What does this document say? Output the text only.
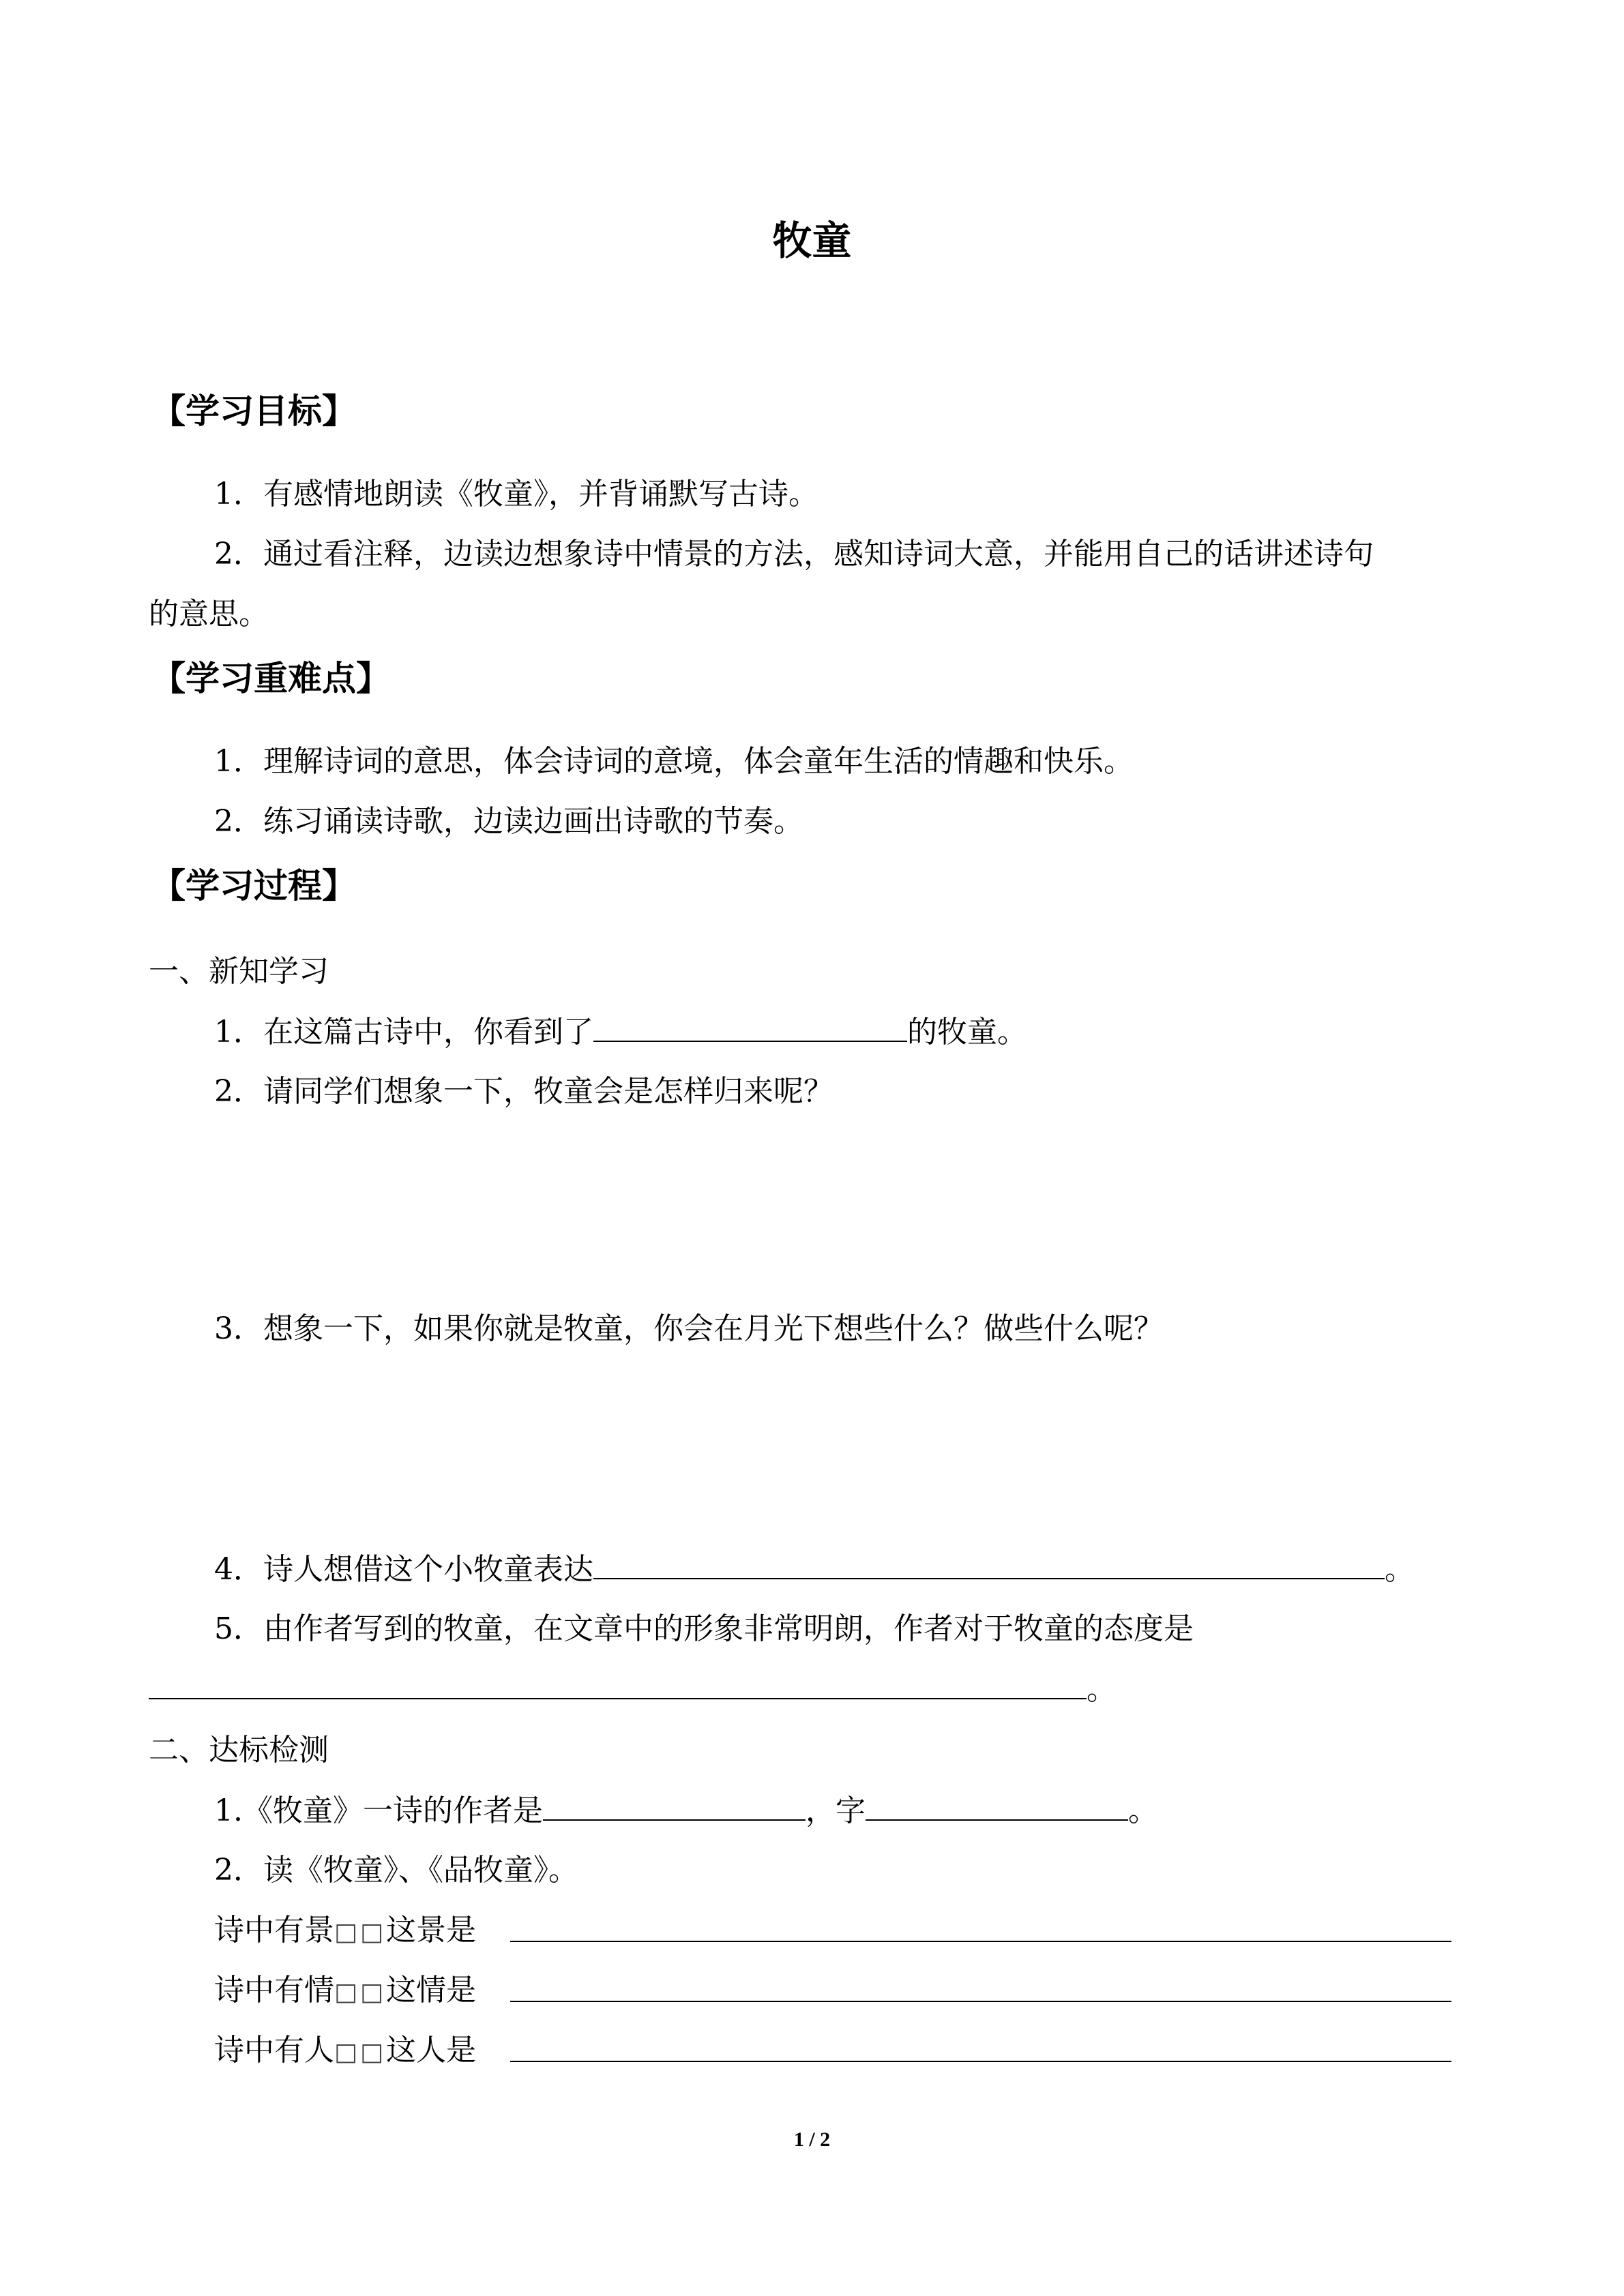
牧童
【学习目标】
1．有感情地朗读《牧童》，并背诵默写古诗。
2．通过看注释，边读边想象诗中情景的方法，感知诗词大意，并能用自己的话讲述诗句
的意思。
【学习重难点】
1．理解诗词的意思，体会诗词的意境，体会童年生活的情趣和快乐。
2．练习诵读诗歌，边读边画出诗歌的节奏。
【学习过程】
一、新知学习
1．在这篇古诗中，你看到了	的牧童。
2．请同学们想象一下，牧童会是怎样归来呢？
3．想象一下，如果你就是牧童，你会在月光下想些什么？做些什么呢？
4．诗人想借这个小牧童表达	。
5．由作者写到的牧童，在文章中的形象非常明朗，作者对于牧童的态度是
。
二、达标检测
1.《牧童》一诗的作者是	，字	。
2．读《牧童》、《品牧童》。
诗中有景□□这景是
诗中有情□□这情是
诗中有人□□这人是
1 / 2
